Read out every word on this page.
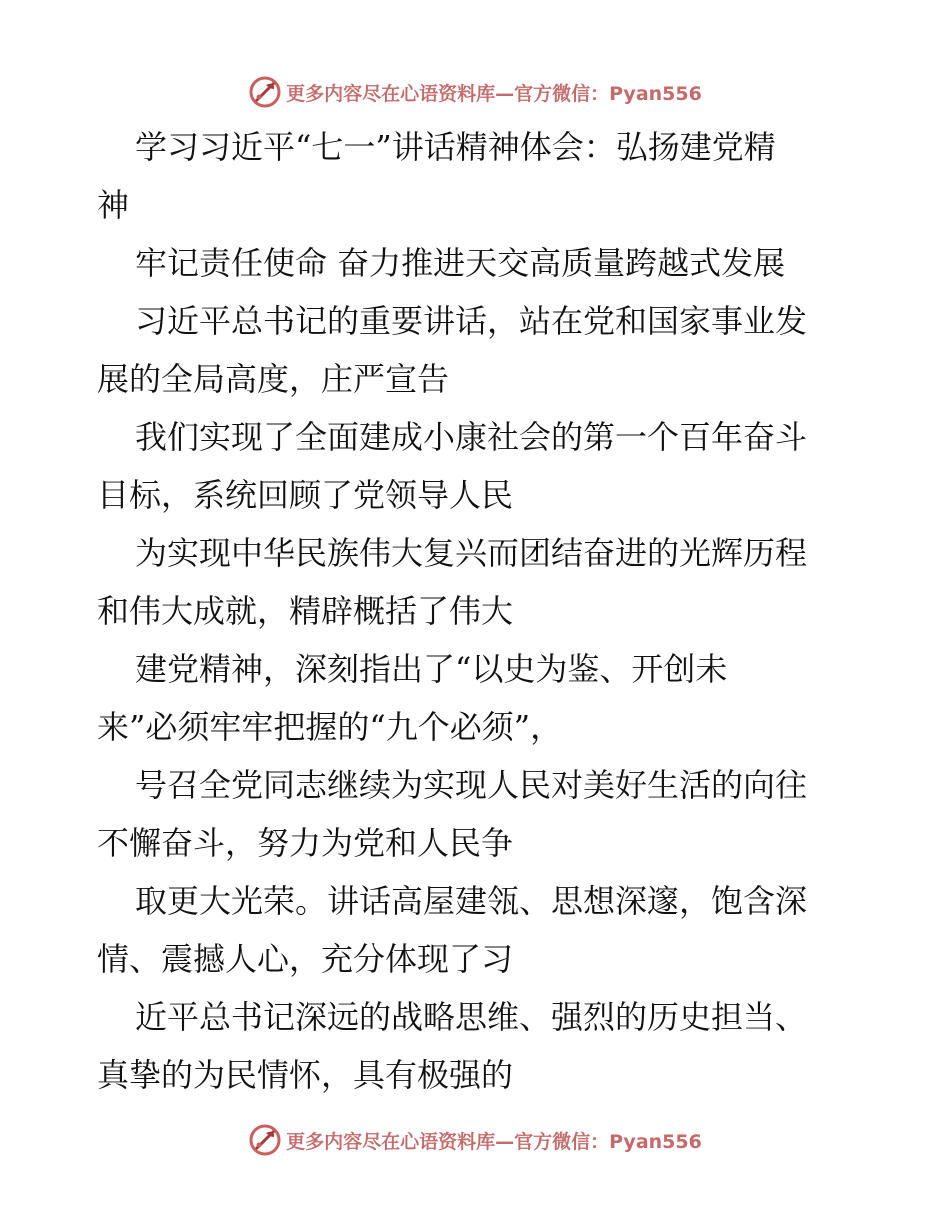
更多内容尽在心语资料库—官方微信：Pyan556
学习习近平“七一”讲话精神体会：弘扬建党精
神
牢记责任使命 奋力推进天交高质量跨越式发展
习近平总书记的重要讲话，站在党和国家事业发
展的全局高度，庄严宣告
我们实现了全面建成小康社会的第一个百年奋斗
目标，系统回顾了党领导人民
为实现中华民族伟大复兴而团结奋进的光辉历程
和伟大成就，精辟概括了伟大
建党精神，深刻指出了“以史为鉴、开创未
来”必须牢牢把握的“九个必须”，
号召全党同志继续为实现人民对美好生活的向往
不懈奋斗，努力为党和人民争
取更大光荣。讲话高屋建瓴、思想深邃，饱含深
情、震撼人心，充分体现了习
近平总书记深远的战略思维、强烈的历史担当、
真挚的为民情怀，具有极强的
更多内容尽在心语资料库—官方微信：Pyan556
